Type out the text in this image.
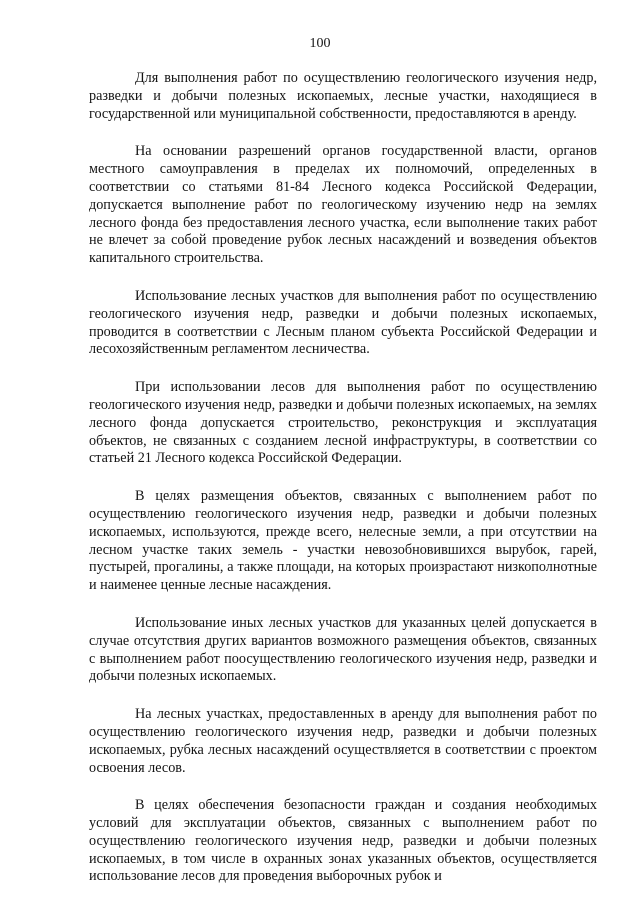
100

Для выполнения работ по осуществлению геологического изучения недр, разведки и добычи полезных ископаемых, лесные участки, находящиеся в государственной или муниципальной собственности, предоставляются в аренду.

На основании разрешений органов государственной власти, органов местного самоуправления в пределах их полномочий, определенных в соответствии со статьями 81-84 Лесного кодекса Российской Федерации, допускается выполнение работ по геологическому изучению недр на землях лесного фонда без предоставления лесного участка, если выполнение таких работ не влечет за собой проведение рубок лесных насаждений и возведения объектов капитального строительства.

Использование лесных участков для выполнения работ по осуществлению геологического изучения недр, разведки и добычи полезных ископаемых, проводится в соответствии с Лесным планом субъекта Российской Федерации и лесохозяйственным регламентом лесничества.

При использовании лесов для выполнения работ по осуществлению геологического изучения недр, разведки и добычи полезных ископаемых, на землях лесного фонда допускается строительство, реконструкция и эксплуатация объектов, не связанных с созданием лесной инфраструктуры, в соответствии со статьей 21 Лесного кодекса Российской Федерации.

В целях размещения объектов, связанных с выполнением работ по осуществлению геологического изучения недр, разведки и добычи полезных ископаемых, используются, прежде всего, нелесные земли, а при отсутствии на лесном участке таких земель - участки невозобновившихся вырубок, гарей, пустырей, прогалины, а также площади, на которых произрастают низкополнотные и наименее ценные лесные насаждения.

Использование иных лесных участков для указанных целей допускается в случае отсутствия других вариантов возможного размещения объектов, связанных с выполнением работ поосуществлению геологического изучения недр, разведки и добычи полезных ископаемых.

На лесных участках, предоставленных в аренду для выполнения работ по осуществлению геологического изучения недр, разведки и добычи полезных ископаемых, рубка лесных насаждений осуществляется в соответствии с проектом освоения лесов.

В целях обеспечения безопасности граждан и создания необходимых условий для эксплуатации объектов, связанных с выполнением работ по осуществлению геологического изучения недр, разведки и добычи полезных ископаемых, в том числе в охранных зонах указанных объектов, осуществляется использование лесов для проведения выборочных рубок и
